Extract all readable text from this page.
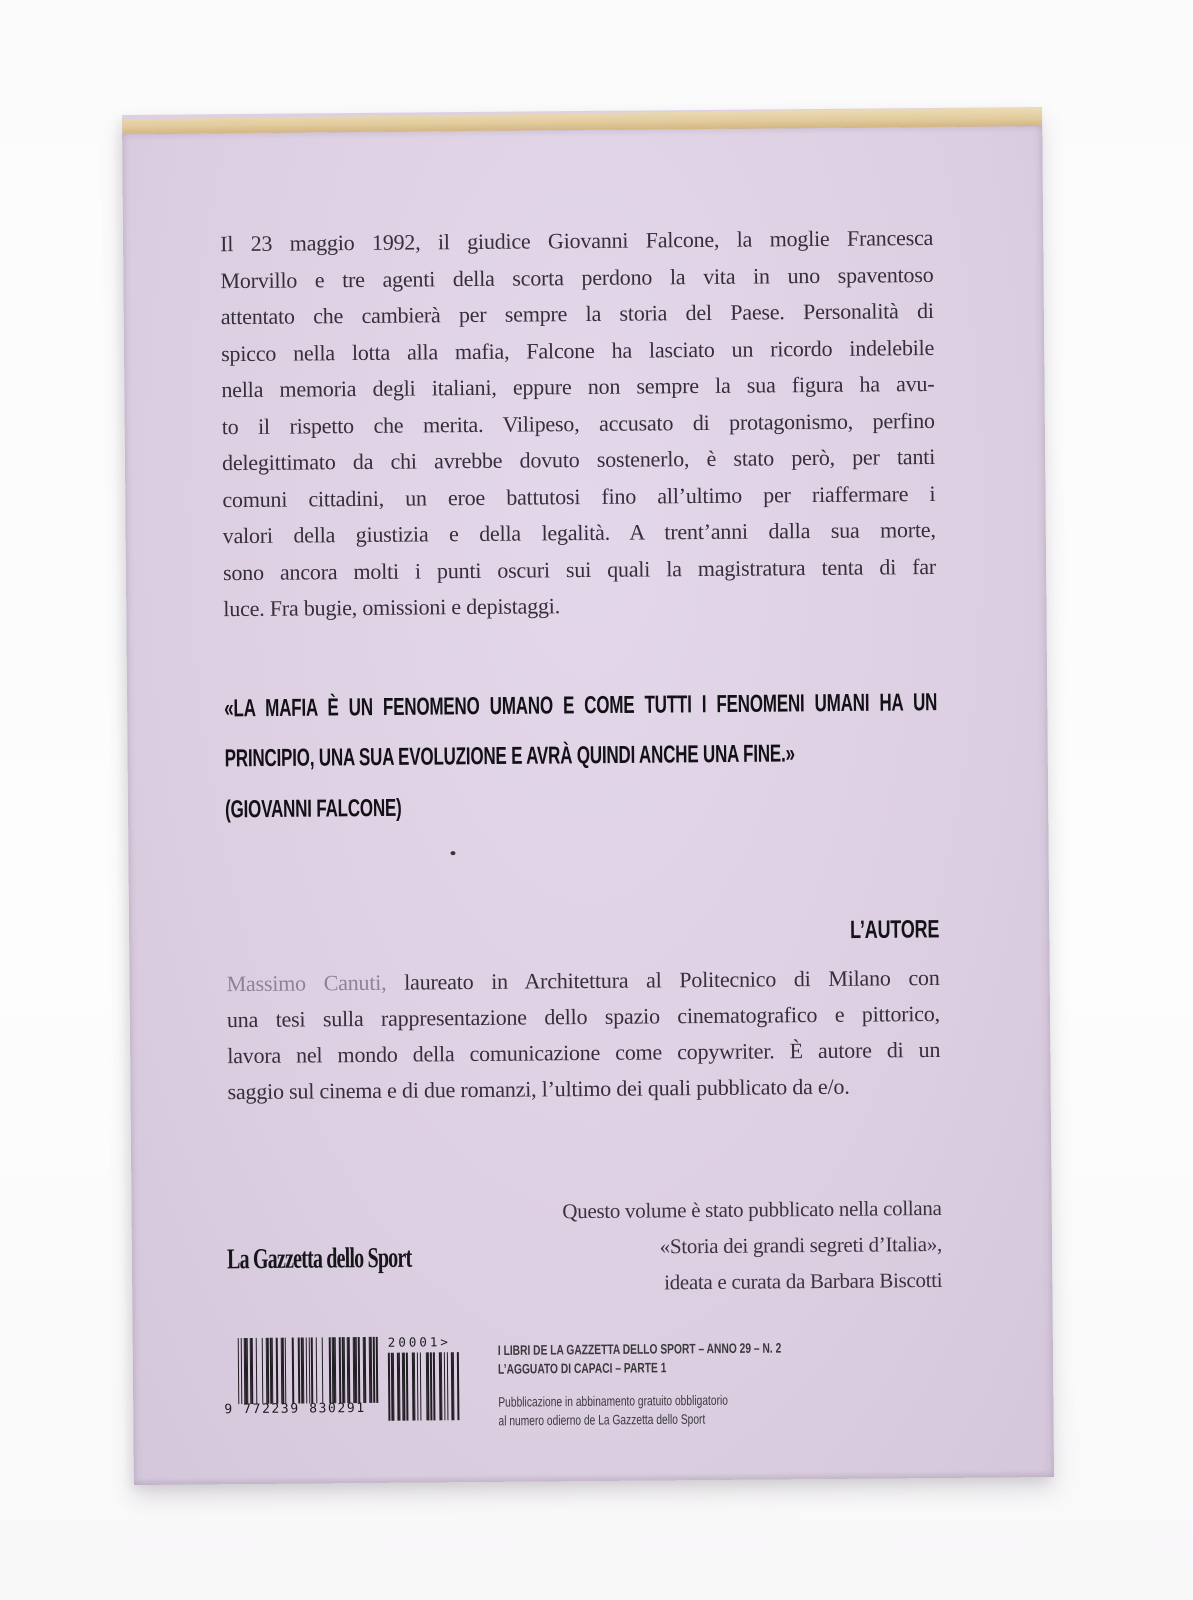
Il 23 maggio 1992, il giudice Giovanni Falcone, la moglie Francesca
Morvillo e tre agenti della scorta perdono la vita in uno spaventoso
attentato che cambierà per sempre la storia del Paese. Personalità di
spicco nella lotta alla mafia, Falcone ha lasciato un ricordo indelebile
nella memoria degli italiani, eppure non sempre la sua figura ha avu-
to il rispetto che merita. Vilipeso, accusato di protagonismo, perfino
delegittimato da chi avrebbe dovuto sostenerlo, è stato però, per tanti
comuni cittadini, un eroe battutosi fino all’ultimo per riaffermare i
valori della giustizia e della legalità. A trent’anni dalla sua morte,
sono ancora molti i punti oscuri sui quali la magistratura tenta di far
luce. Fra bugie, omissioni e depistaggi.
«LA MAFIA È UN FENOMENO UMANO E COME TUTTI I FENOMENI UMANI HA UN
PRINCIPIO, UNA SUA EVOLUZIONE E AVRÀ QUINDI ANCHE UNA FINE.»
(GIOVANNI FALCONE)
L’AUTORE
Massimo Canuti, laureato in Architettura al Politecnico di Milano con
una tesi sulla rappresentazione dello spazio cinematografico e pittorico,
lavora nel mondo della comunicazione come copywriter. È autore di un
saggio sul cinema e di due romanzi, l’ultimo dei quali pubblicato da e/o.
Questo volume è stato pubblicato nella collana
«Storia dei grandi segreti d’Italia»,
ideata e curata da Barbara Biscotti
La Gazzetta dello Sport
9 772239 830291
20001>	I LIBRI DE LA GAZZETTA DELLO SPORT – ANNO 29 – N. 2
L’AGGUATO DI CAPACI – PARTE 1
Pubblicazione in abbinamento gratuito obbligatorio
al numero odierno de La Gazzetta dello Sport
